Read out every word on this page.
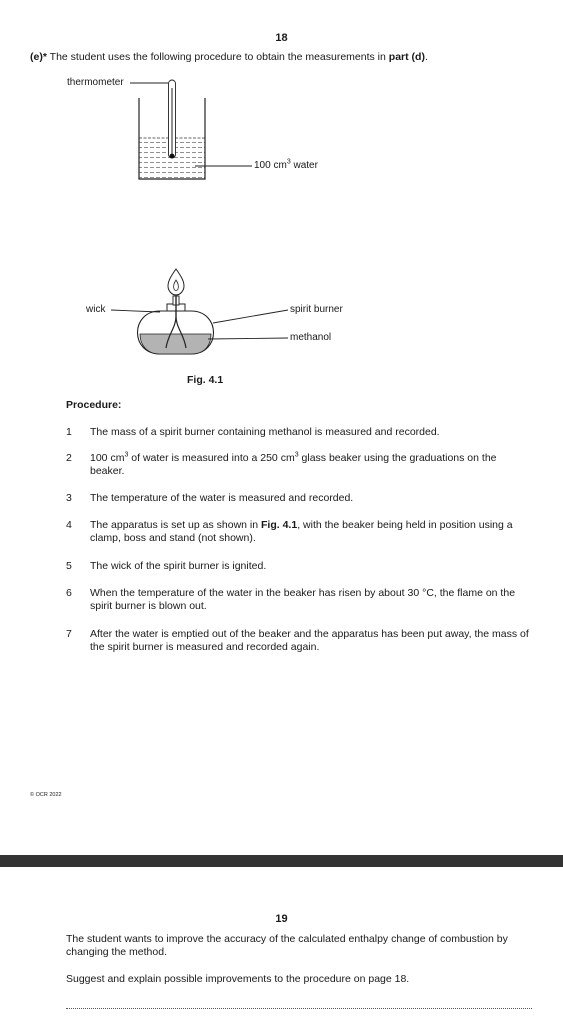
18
(e)* The student uses the following procedure to obtain the measurements in part (d).
thermometer
100 $cm^3$ water
wick	spirit burner
methanol
Fig. 4.1
Procedure:
1 The mass of a spirit burner containing methanol is measured and recorded.
2 100 $cm^3$ of water is measured into a 250 $cm^3$ glass beaker using the graduations on the beaker.
3 The temperature of the water is measured and recorded.
4 The apparatus is set up as shown in Fig. 4.1, with the beaker being held in position using a clamp, boss and stand (not shown).
5 The wick of the spirit burner is ignited.
6 When the temperature of the water in the beaker has risen by about 30 °C, the flame on the spirit burner is blown out.
7 After the water is emptied out of the beaker and the apparatus has been put away, the mass of the spirit burner is measured and recorded again.
© OCR 2022
19
The student wants to improve the accuracy of the calculated enthalpy change of combustion by changing the method.
Suggest and explain possible improvements to the procedure on page 18.
